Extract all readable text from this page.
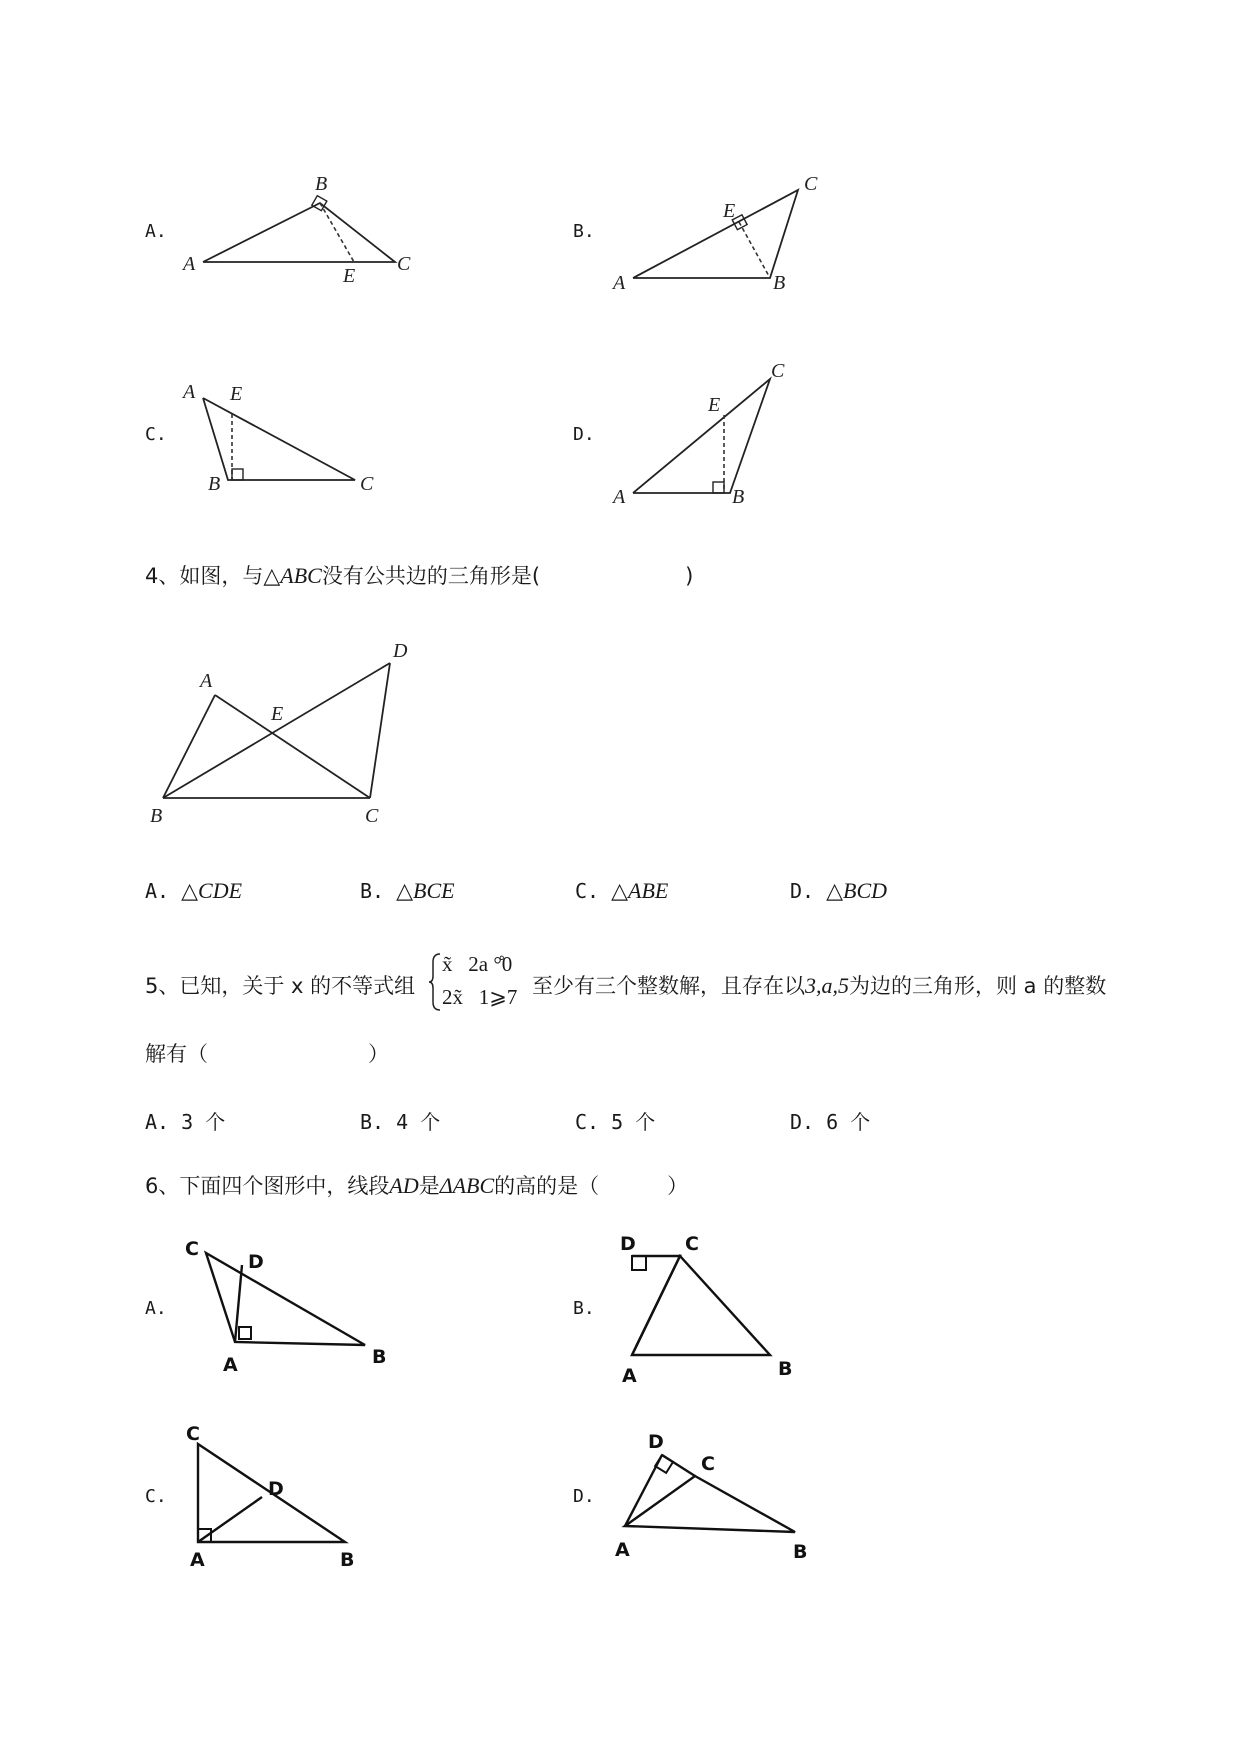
A.
B
A	C
E
B.
C
E
A	B
C.
A E
B	C
D.
C
E
A	B
4、如图，与△ABC没有公共边的三角形是(	)
A
D
E
B	C
A. △CDE	B. △BCE	C. △ABE	D. △BCD
5、已知，关于 x 的不等式组
x̃   2a °̊0
2x̃   1⩾7 至少有三个整数解，且存在以3,a,5为边的三角形，则 a 的整数
解有（	）
A. 3 个	B. 4 个	C. 5 个	D. 6 个
6、下面四个图形中，线段AD是ΔABC的高的是（	）
A.
C
D
A	B
B.
D	C
A	B
C.
C
D
A	B
D.
D
C
A	B
